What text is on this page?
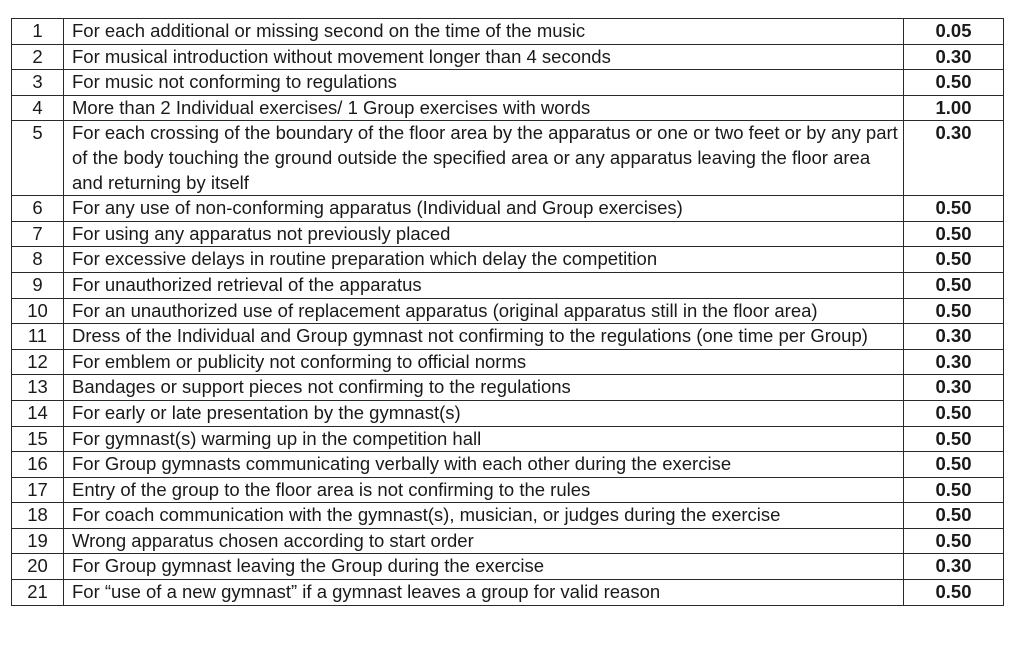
1	For each additional or missing second on the time of the music	0.05
2	For musical introduction without movement longer than 4 seconds	0.30
3	For music not conforming to regulations	0.50
4	More than 2 Individual exercises/ 1 Group exercises with words	1.00
5	For each crossing of the boundary of the floor area by the apparatus or one or two feet or by any part of the body touching the ground outside the specified area or any apparatus leaving the floor area and returning by itself	0.30
6	For any use of non-conforming apparatus (Individual and Group exercises)	0.50
7	For using any apparatus not previously placed	0.50
8	For excessive delays in routine preparation which delay the competition	0.50
9	For unauthorized retrieval of the apparatus	0.50
10	For an unauthorized use of replacement apparatus (original apparatus still in the floor area)	0.50
11	Dress of the Individual and Group gymnast not confirming to the regulations (one time per Group)	0.30
12	For emblem or publicity not conforming to official norms	0.30
13	Bandages or support pieces not confirming to the regulations	0.30
14	For early or late presentation by the gymnast(s)	0.50
15	For gymnast(s) warming up in the competition hall	0.50
16	For Group gymnasts communicating verbally with each other during the exercise	0.50
17	Entry of the group to the floor area is not confirming to the rules	0.50
18	For coach communication with the gymnast(s), musician, or judges during the exercise	0.50
19	Wrong apparatus chosen according to start order	0.50
20	For Group gymnast leaving the Group during the exercise	0.30
21	For “use of a new gymnast” if a gymnast leaves a group for valid reason	0.50
